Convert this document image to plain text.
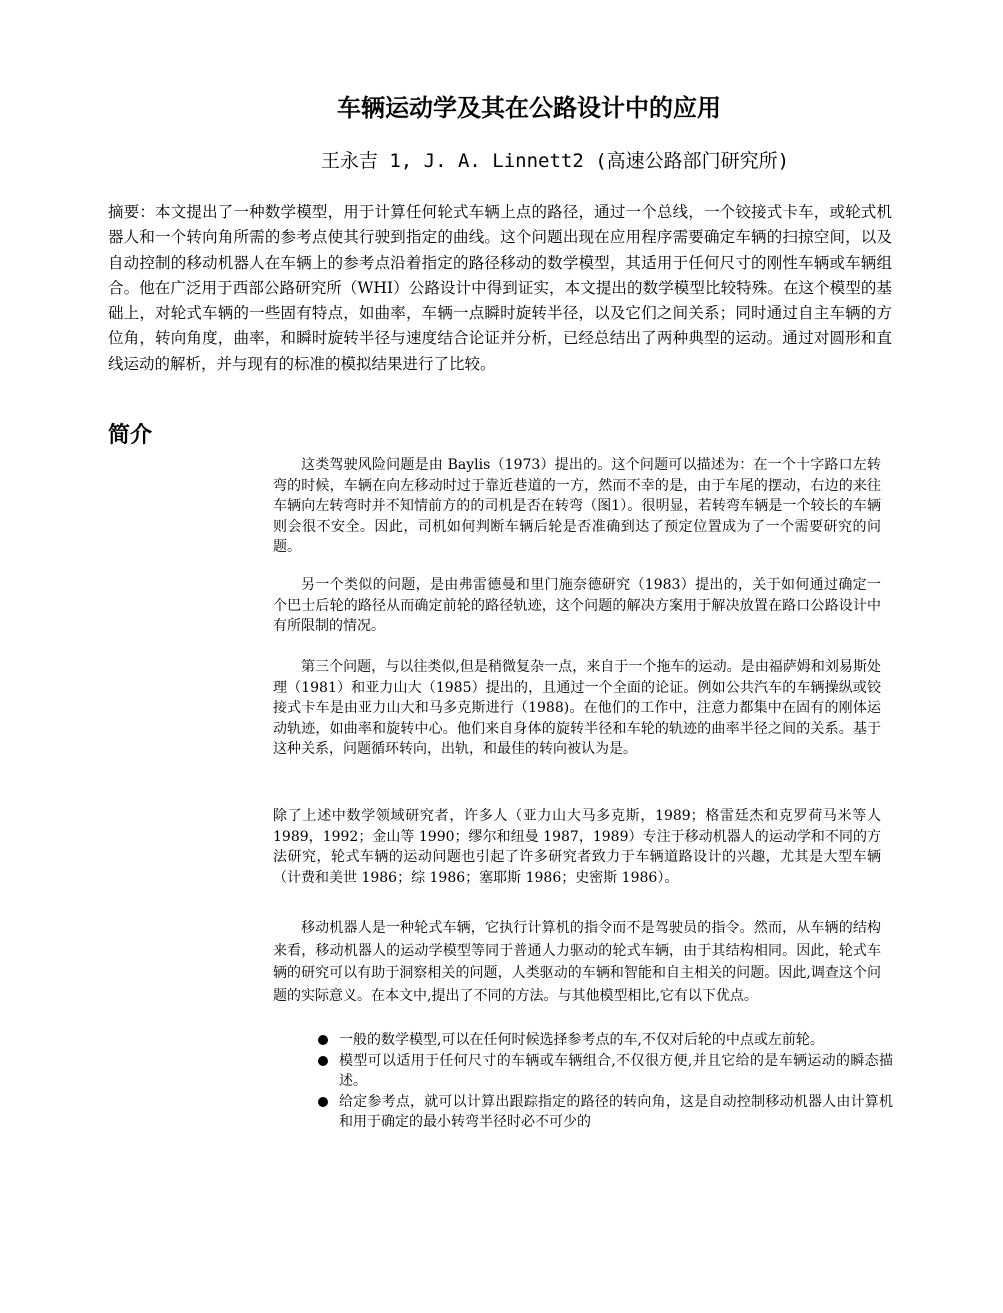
车辆运动学及其在公路设计中的应用
王永吉 1, J. A. Linnett2 (高速公路部门研究所)

摘要：本文提出了一种数学模型，用于计算任何轮式车辆上点的路径，通过一个总线，一个铰接式卡车，或轮式机器人和一个转向角所需的参考点使其行驶到指定的曲线。这个问题出现在应用程序需要确定车辆的扫掠空间，以及自动控制的移动机器人在车辆上的参考点沿着指定的路径移动的数学模型，其适用于任何尺寸的刚性车辆或车辆组合。他在广泛用于西部公路研究所（WHI）公路设计中得到证实，本文提出的数学模型比较特殊。在这个模型的基础上，对轮式车辆的一些固有特点，如曲率，车辆一点瞬时旋转半径，以及它们之间关系；同时通过自主车辆的方位角，转向角度，曲率，和瞬时旋转半径与速度结合论证并分析，已经总结出了两种典型的运动。通过对圆形和直线运动的解析，并与现有的标准的模拟结果进行了比较。

简介

这类驾驶风险问题是由 Baylis（1973）提出的。这个问题可以描述为：在一个十字路口左转弯的时候，车辆在向左移动时过于靠近巷道的一方，然而不幸的是，由于车尾的摆动，右边的来往车辆向左转弯时并不知情前方的的司机是否在转弯（图1）。很明显，若转弯车辆是一个较长的车辆则会很不安全。因此，司机如何判断车辆后轮是否准确到达了预定位置成为了一个需要研究的问题。

另一个类似的问题，是由弗雷德曼和里门施奈德研究（1983）提出的，关于如何通过确定一个巴士后轮的路径从而确定前轮的路径轨迹，这个问题的解决方案用于解决放置在路口公路设计中有所限制的情况。

第三个问题，与以往类似,但是稍微复杂一点，来自于一个拖车的运动。是由福萨姆和刘易斯处理（1981）和亚力山大（1985）提出的，且通过一个全面的论证。例如公共汽车的车辆操纵或铰接式卡车是由亚力山大和马多克斯进行（1988)。在他们的工作中，注意力都集中在固有的刚体运动轨迹，如曲率和旋转中心。他们来自身体的旋转半径和车轮的轨迹的曲率半径之间的关系。基于这种关系，问题循环转向，出轨，和最佳的转向被认为是。

除了上述中数学领域研究者，许多人（亚力山大马多克斯，1989；格雷廷杰和克罗荷马米等人 1989，1992；金山等 1990；缪尔和纽曼 1987，1989）专注于移动机器人的运动学和不同的方法研究，轮式车辆的运动问题也引起了许多研究者致力于车辆道路设计的兴趣，尤其是大型车辆（计费和美世 1986；综 1986；塞耶斯 1986；史密斯 1986）。

移动机器人是一种轮式车辆，它执行计算机的指令而不是驾驶员的指令。然而，从车辆的结构来看，移动机器人的运动学模型等同于普通人力驱动的轮式车辆，由于其结构相同。因此，轮式车辆的研究可以有助于洞察相关的问题，人类驱动的车辆和智能和自主相关的问题。因此,调查这个问题的实际意义。在本文中,提出了不同的方法。与其他模型相比,它有以下优点。

一般的数学模型,可以在任何时候选择参考点的车,不仅对后轮的中点或左前轮。
模型可以适用于任何尺寸的车辆或车辆组合,不仅很方便,并且它给的是车辆运动的瞬态描述。
给定参考点，就可以计算出跟踪指定的路径的转向角，这是自动控制移动机器人由计算机和用于确定的最小转弯半径时必不可少的
